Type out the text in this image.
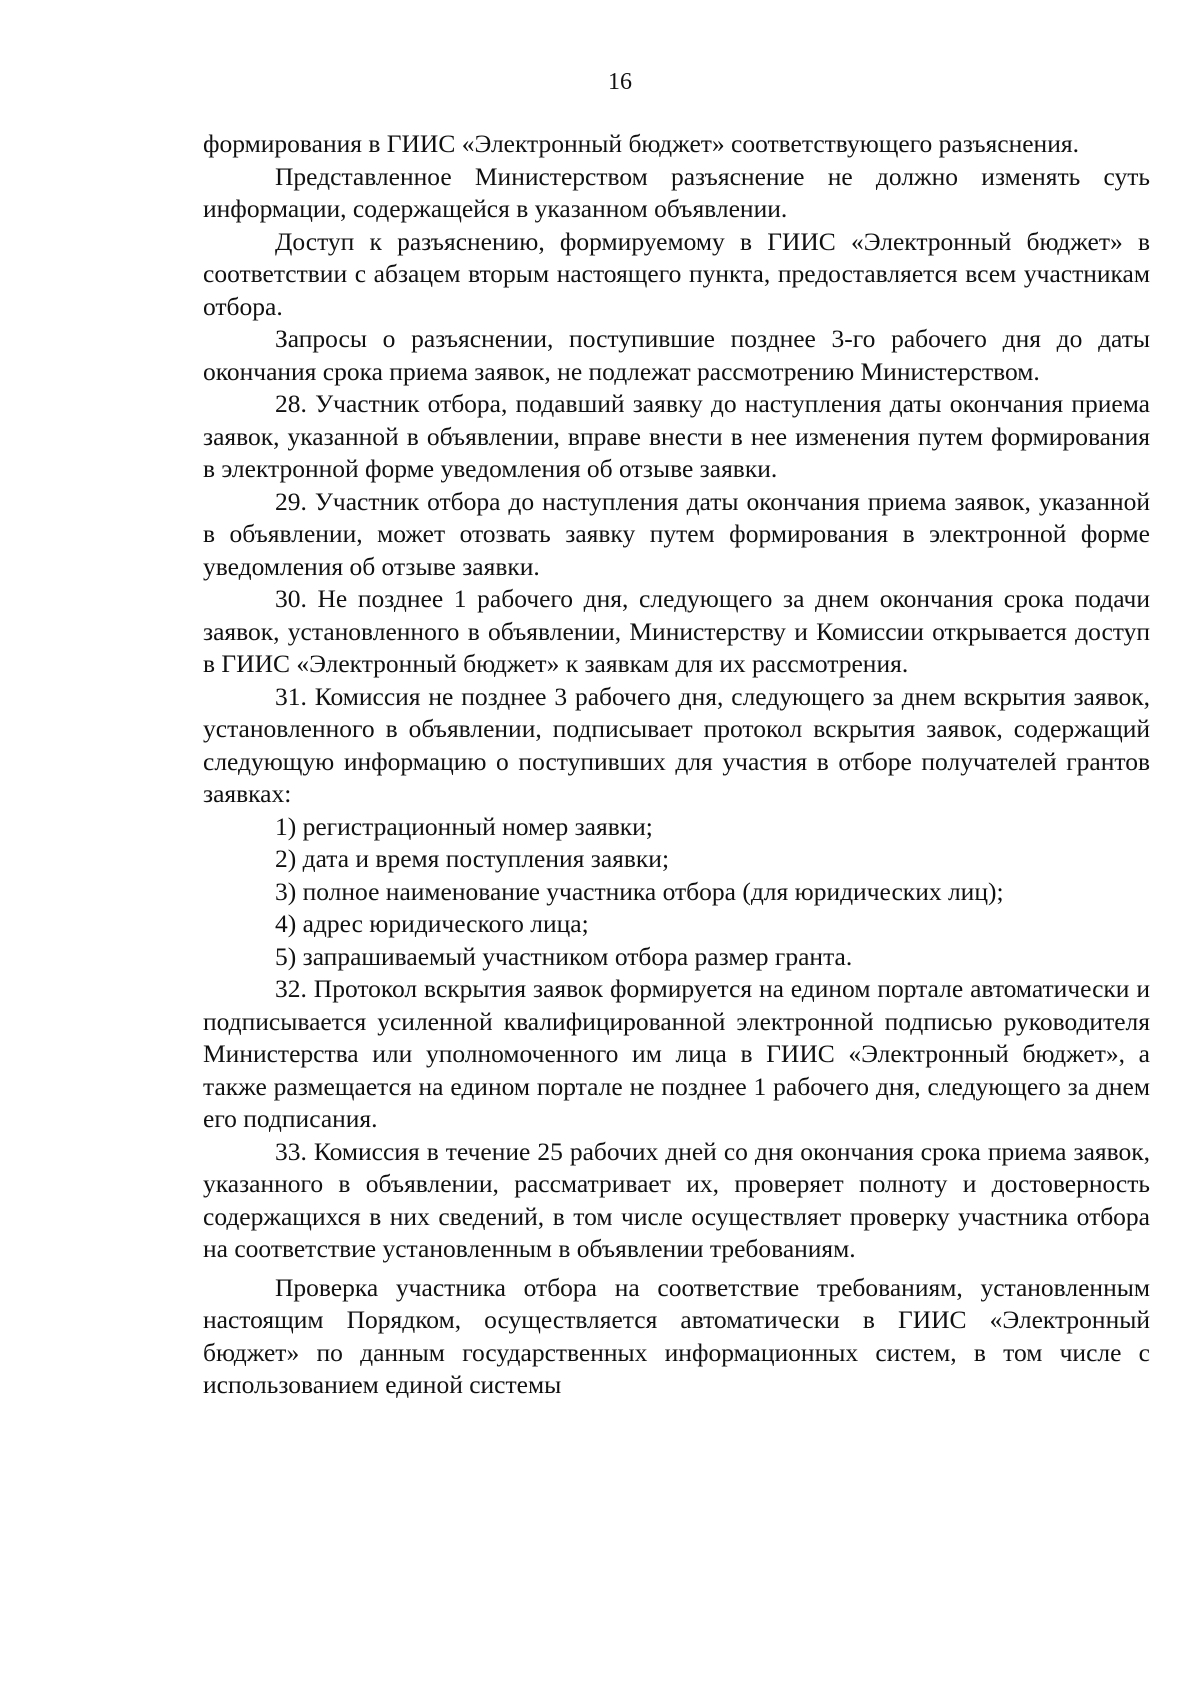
16

формирования в ГИИС «Электронный бюджет» соответствующего разъяснения.

Представленное Министерством разъяснение не должно изменять суть информации, содержащейся в указанном объявлении.

Доступ к разъяснению, формируемому в ГИИС «Электронный бюджет» в соответствии с абзацем вторым настоящего пункта, предоставляется всем участникам отбора.

Запросы о разъяснении, поступившие позднее 3-го рабочего дня до даты окончания срока приема заявок, не подлежат рассмотрению Министерством.

28. Участник отбора, подавший заявку до наступления даты окончания приема заявок, указанной в объявлении, вправе внести в нее изменения путем формирования в электронной форме уведомления об отзыве заявки.

29. Участник отбора до наступления даты окончания приема заявок, указанной в объявлении, может отозвать заявку путем формирования в электронной форме уведомления об отзыве заявки.

30. Не позднее 1 рабочего дня, следующего за днем окончания срока подачи заявок, установленного в объявлении, Министерству и Комиссии открывается доступ в ГИИС «Электронный бюджет» к заявкам для их рассмотрения.

31. Комиссия не позднее 3 рабочего дня, следующего за днем вскрытия заявок, установленного в объявлении, подписывает протокол вскрытия заявок, содержащий следующую информацию о поступивших для участия в отборе получателей грантов заявках:

1) регистрационный номер заявки;

2) дата и время поступления заявки;

3) полное наименование участника отбора (для юридических лиц);

4) адрес юридического лица;

5) запрашиваемый участником отбора размер гранта.

32. Протокол вскрытия заявок формируется на едином портале автоматически и подписывается усиленной квалифицированной электронной подписью руководителя Министерства или уполномоченного им лица в ГИИС «Электронный бюджет», а также размещается на едином портале не позднее 1 рабочего дня, следующего за днем его подписания.

33. Комиссия в течение 25 рабочих дней со дня окончания срока приема заявок, указанного в объявлении, рассматривает их, проверяет полноту и достоверность содержащихся в них сведений, в том числе осуществляет проверку участника отбора на соответствие установленным в объявлении требованиям.

Проверка участника отбора на соответствие требованиям, установленным настоящим Порядком, осуществляется автоматически в ГИИС «Электронный бюджет» по данным государственных информационных систем, в том числе с использованием единой системы
